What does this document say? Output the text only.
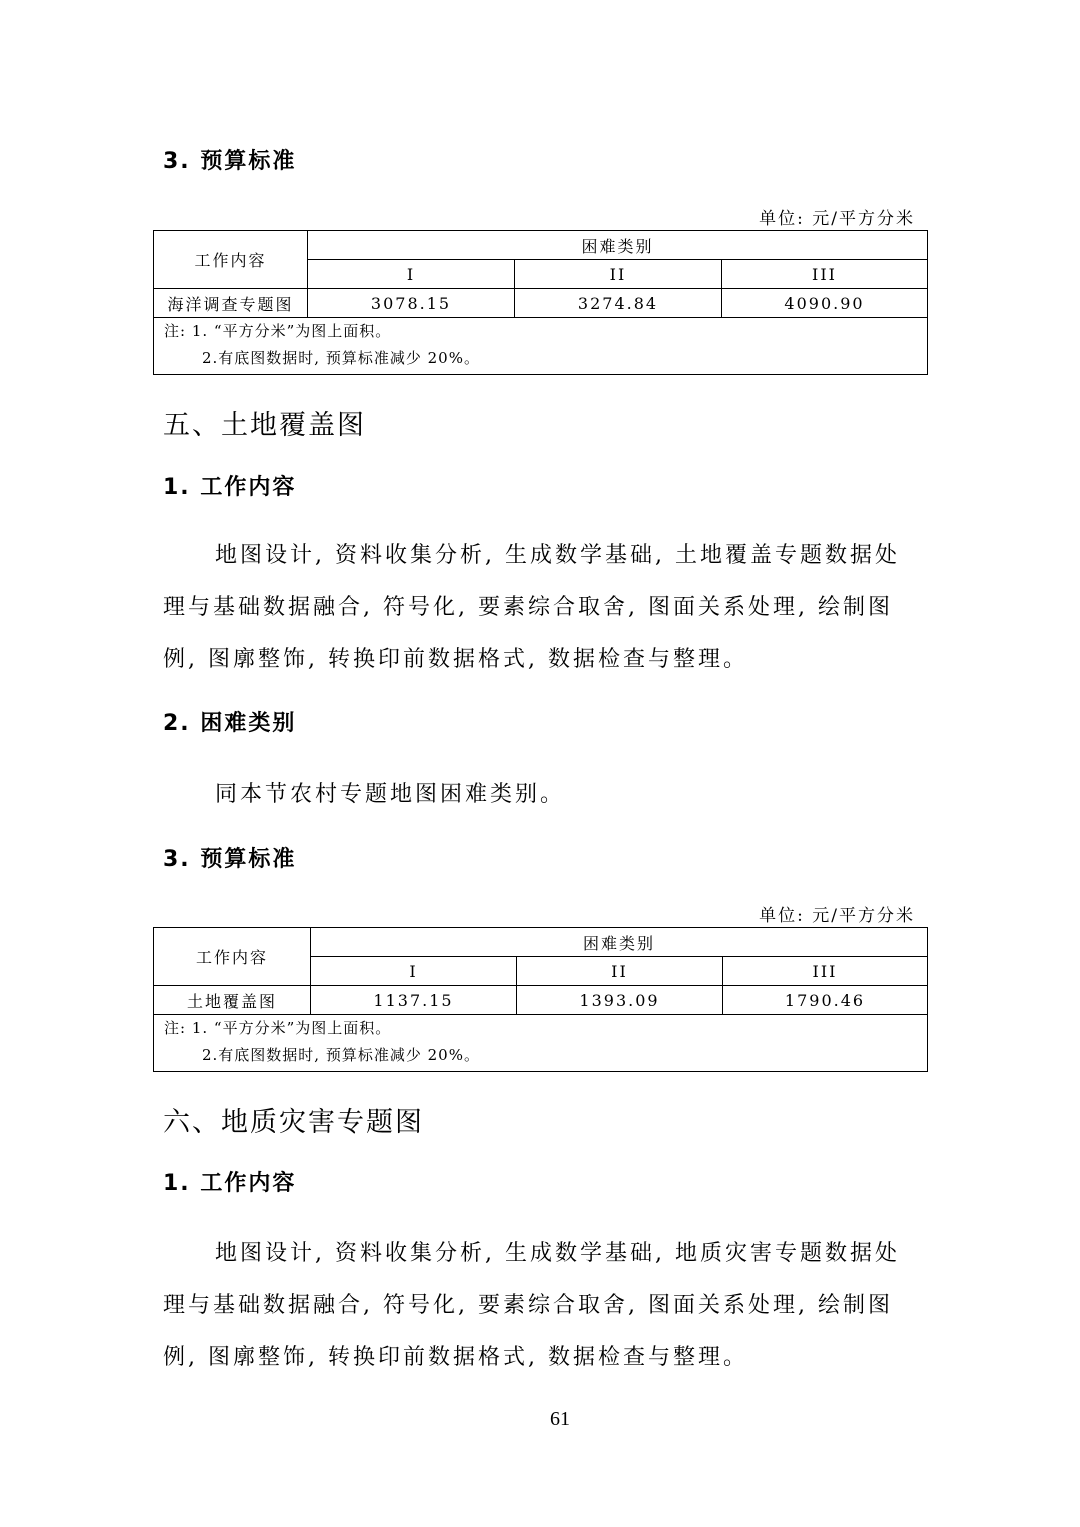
3. 预算标准
单位: 元/平方分米
工作内容	困难类别		
	I	II	III
海洋调查专题图	3078.15	3274.84	4090.90

注: 1. “平方分米”为图上面积。
2.有底图数据时, 预算标准减少 20%。			
五、土地覆盖图
1. 工作内容
地图设计, 资料收集分析, 生成数学基础, 土地覆盖专题数据处
理与基础数据融合, 符号化, 要素综合取舍, 图面关系处理, 绘制图
例, 图廓整饰, 转换印前数据格式, 数据检查与整理。
2. 困难类别
同本节农村专题地图困难类别。
3. 预算标准
单位: 元/平方分米
工作内容	困难类别		
	I	II	III
土地覆盖图	1137.15	1393.09	1790.46

注: 1. “平方分米”为图上面积。
2.有底图数据时, 预算标准减少 20%。			
六、地质灾害专题图
1. 工作内容
地图设计, 资料收集分析, 生成数学基础, 地质灾害专题数据处
理与基础数据融合, 符号化, 要素综合取舍, 图面关系处理, 绘制图
例, 图廓整饰, 转换印前数据格式, 数据检查与整理。
61
